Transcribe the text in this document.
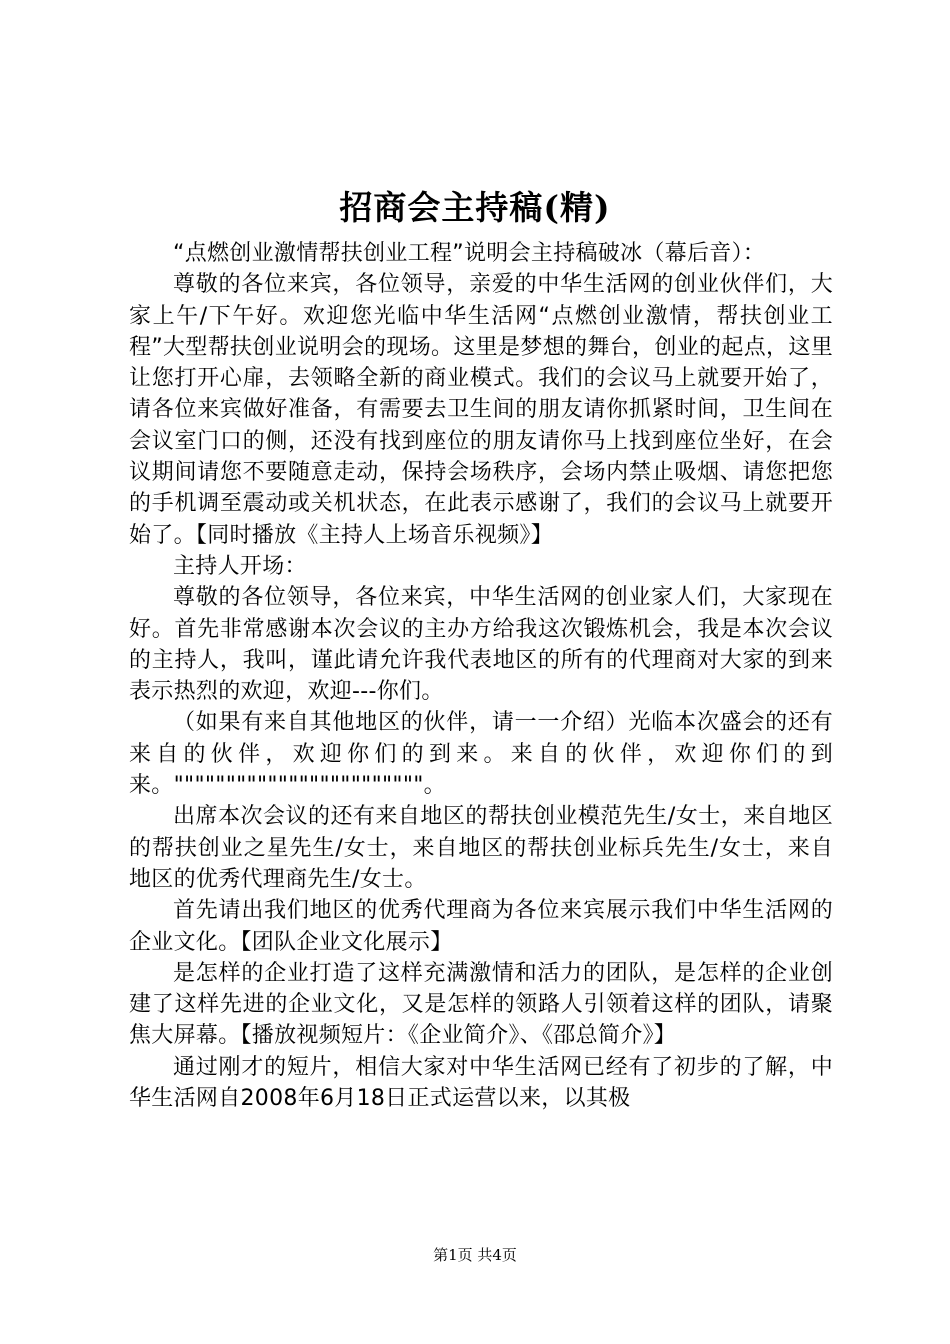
招商会主持稿(精)

“点燃创业激情帮扶创业工程”说明会主持稿破冰（幕后音）：

尊敬的各位来宾，各位领导，亲爱的中华生活网的创业伙伴们，大家上午/下午好。欢迎您光临中华生活网“点燃创业激情，帮扶创业工程”大型帮扶创业说明会的现场。这里是梦想的舞台，创业的起点，这里让您打开心扉，去领略全新的商业模式。我们的会议马上就要开始了，请各位来宾做好准备，有需要去卫生间的朋友请你抓紧时间，卫生间在会议室门口的侧，还没有找到座位的朋友请你马上找到座位坐好，在会议期间请您不要随意走动，保持会场秩序，会场内禁止吸烟、请您把您的手机调至震动或关机状态，在此表示感谢了，我们的会议马上就要开始了。【同时播放《主持人上场音乐视频》】

主持人开场：

尊敬的各位领导，各位来宾，中华生活网的创业家人们，大家现在好。首先非常感谢本次会议的主办方给我这次锻炼机会，我是本次会议的主持人，我叫，谨此请允许我代表地区的所有的代理商对大家的到来表示热烈的欢迎，欢迎---你们。

（如果有来自其他地区的伙伴，请一一介绍）光临本次盛会的还有来自的伙伴，欢迎你们的到来。来自的伙伴，欢迎你们的到来。""""""""""""""""""""""""。

出席本次会议的还有来自地区的帮扶创业模范先生/女士，来自地区的帮扶创业之星先生/女士，来自地区的帮扶创业标兵先生/女士，来自地区的优秀代理商先生/女士。

首先请出我们地区的优秀代理商为各位来宾展示我们中华生活网的企业文化。【团队企业文化展示】

是怎样的企业打造了这样充满激情和活力的团队，是怎样的企业创建了这样先进的企业文化，又是怎样的领路人引领着这样的团队，请聚焦大屏幕。【播放视频短片：《企业简介》、《邵总简介》】

通过刚才的短片，相信大家对中华生活网已经有了初步的了解，中华生活网自2008年6月18日正式运营以来，以其极

第1页 共4页
